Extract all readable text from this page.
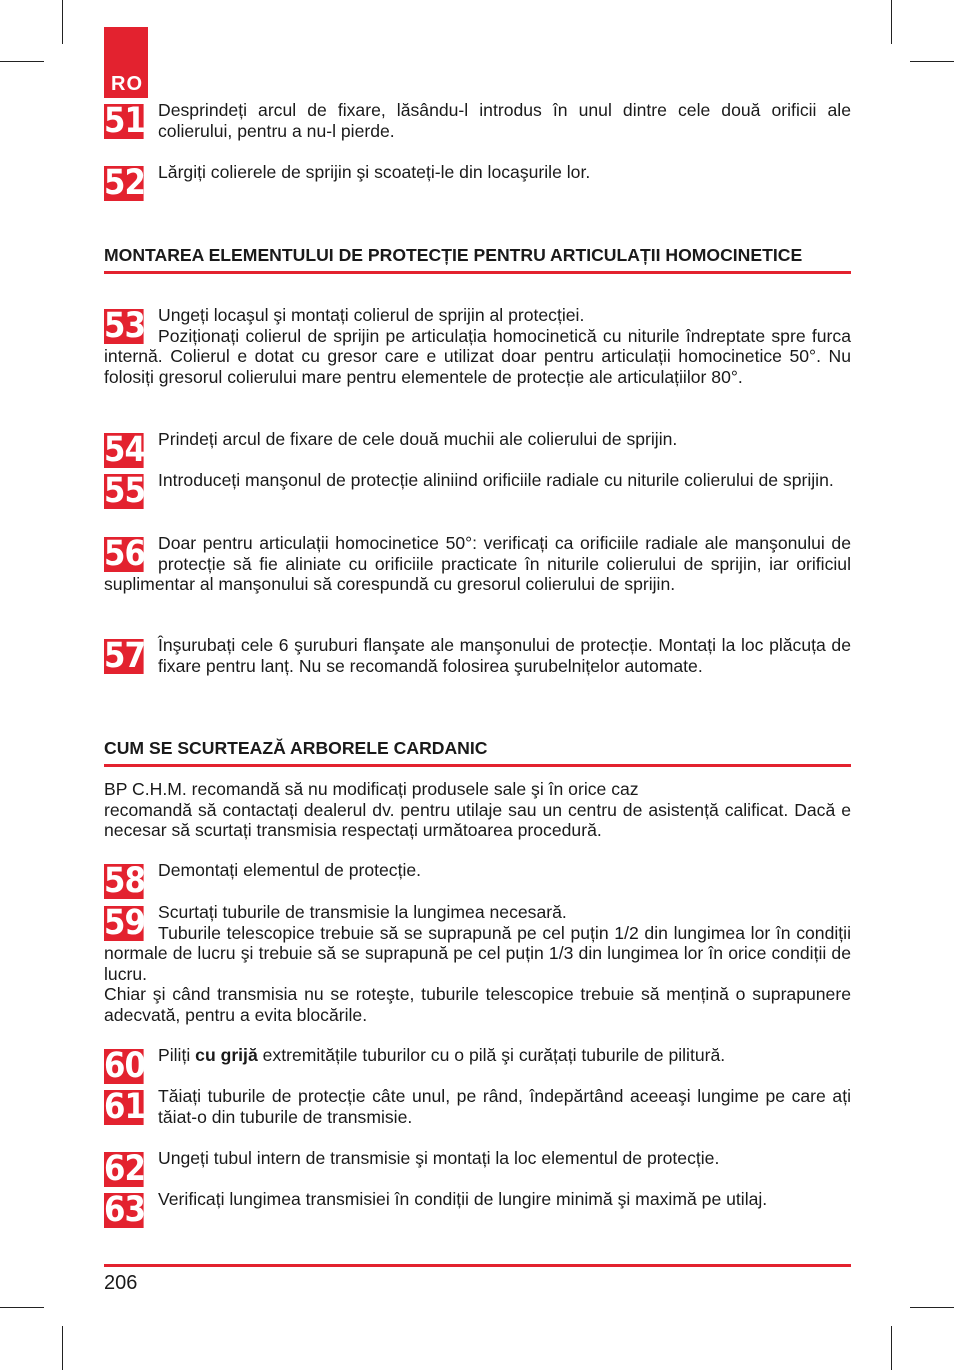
RO
51 Desprindeți arcul de fixare, lăsându-l introdus în unul dintre cele două orificii ale colierului, pentru a nu-l pierde.
52 Lărgiți colierele de sprijin şi scoateți-le din locaşurile lor.
MONTAREA ELEMENTULUI DE PROTECȚIE PENTRU ARTICULAȚII HOMOCINETICE
53 Ungeți locaşul şi montați colierul de sprijin al protecției.
Poziționați colierul de sprijin pe articulația homocinetică cu niturile îndreptate spre furca internă. Colierul e dotat cu gresor care e utilizat doar pentru articulații homocinetice 50°. Nu folosiți gresorul colierului mare pentru elementele de protecție ale articulațiilor 80°.
54 Prindeți arcul de fixare de cele două muchii ale colierului de sprijin.
55 Introduceți manşonul de protecție aliniind orificiile radiale cu niturile colierului de sprijin.
56 Doar pentru articulații homocinetice 50°: verificați ca orificiile radiale ale manşonului de protecție să fie aliniate cu orificiile practicate în niturile colierului de sprijin, iar orificiul suplimentar al manşonului să corespundă cu gresorul colierului de sprijin.
57 Înşurubați cele 6 şuruburi flanşate ale manşonului de protecție. Montați la loc plăcuța de fixare pentru lanț. Nu se recomandă folosirea şurubelnițelor automate.
CUM SE SCURTEAZĂ ARBORELE CARDANIC
BP C.H.M. recomandă să nu modificați produsele sale şi în orice caz
recomandă să contactați dealerul dv. pentru utilaje sau un centru de asistență calificat. Dacă e necesar să scurtați transmisia respectați următoarea procedură.
58 Demontați elementul de protecție.
59 Scurtați tuburile de transmisie la lungimea necesară.
Tuburile telescopice trebuie să se suprapună pe cel puțin 1/2 din lungimea lor în condiții normale de lucru şi trebuie să se suprapună pe cel puțin 1/3 din lungimea lor în orice condiții de lucru.
Chiar şi când transmisia nu se roteşte, tuburile telescopice trebuie să mențină o suprapunere adecvată, pentru a evita blocările.
60 Piliți cu grijă extremitățile tuburilor cu o pilă şi curățați tuburile de pilitură.
61 Tăiați tuburile de protecție câte unul, pe rând, îndepărtând aceeaşi lungime pe care ați tăiat-o din tuburile de transmisie.
62 Ungeți tubul intern de transmisie şi montați la loc elementul de protecție.
63 Verificați lungimea transmisiei în condiții de lungire minimă şi maximă pe utilaj.
206
